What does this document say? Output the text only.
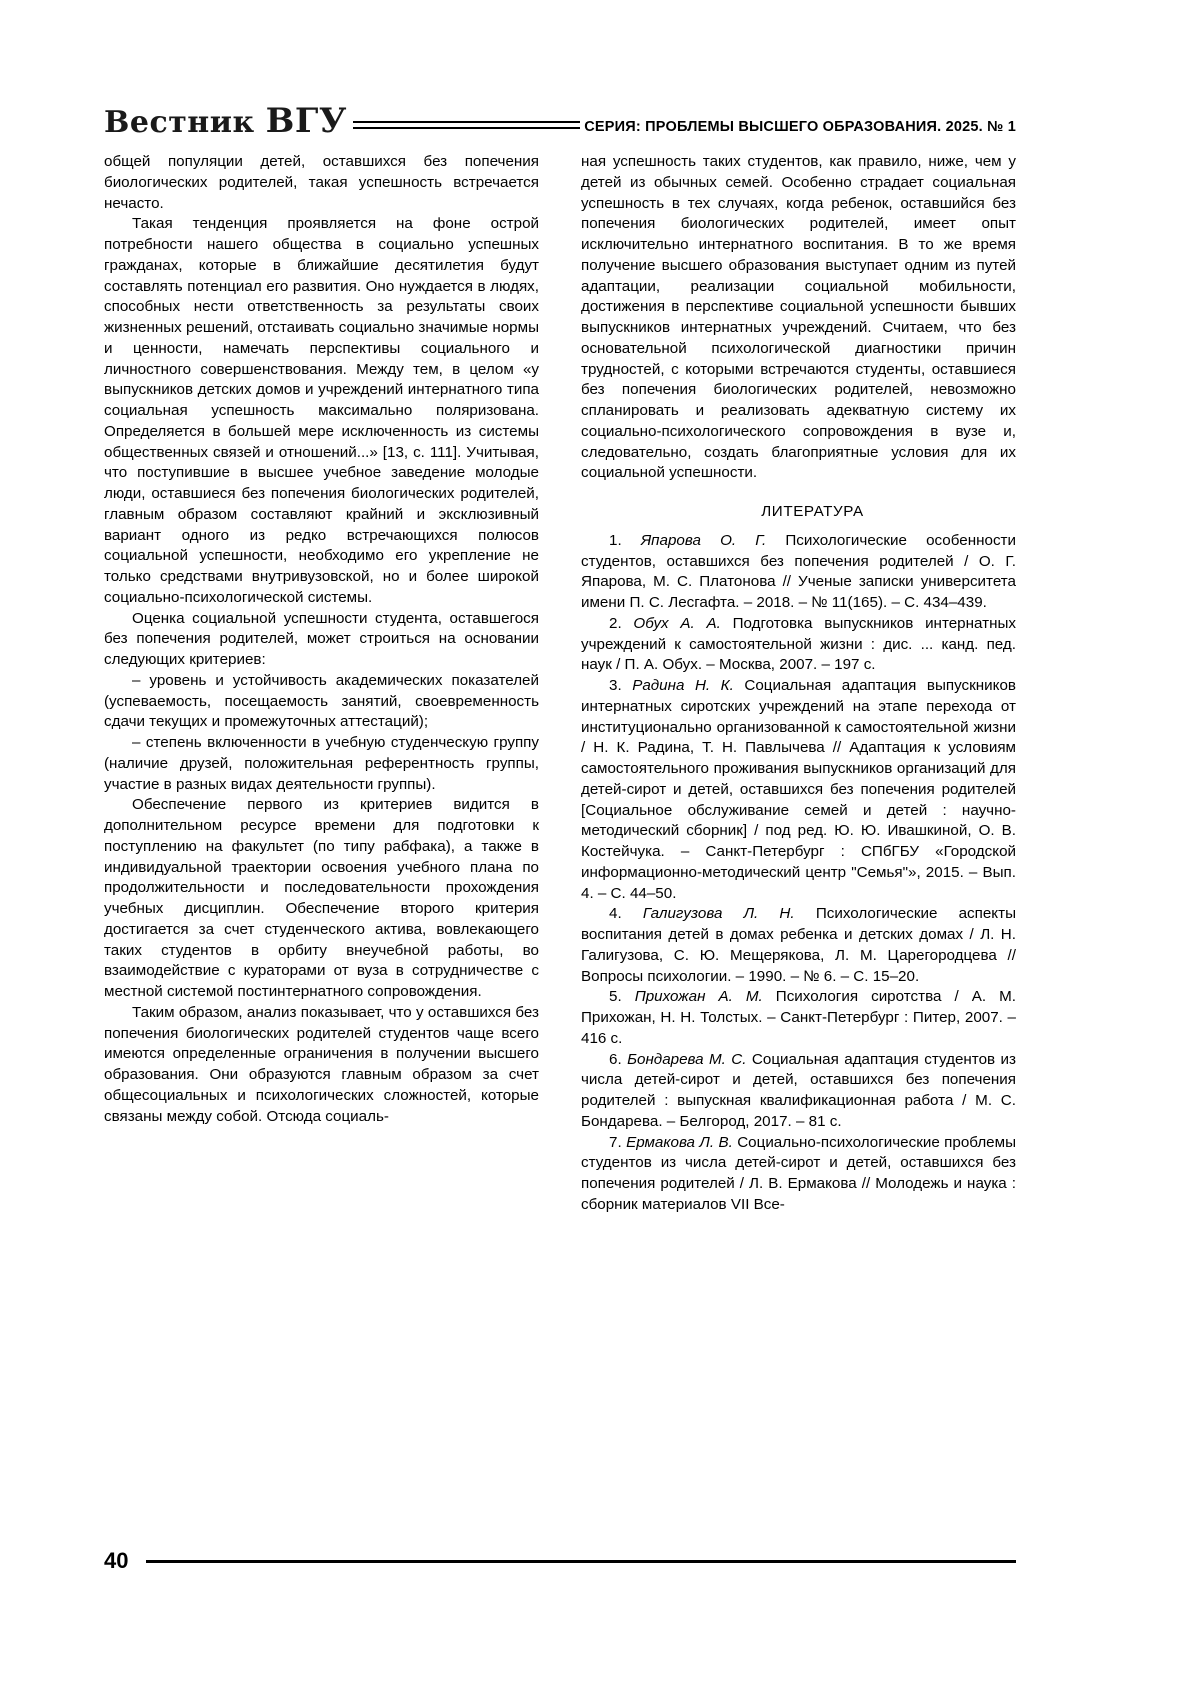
Вестник ВГУ	СЕРИЯ: ПРОБЛЕМЫ ВЫСШЕГО ОБРАЗОВАНИЯ. 2025. № 1

общей популяции детей, оставшихся без попечения биологических родителей, такая успешность встречается нечасто.

Такая тенденция проявляется на фоне острой потребности нашего общества в социально успешных гражданах, которые в ближайшие десятилетия будут составлять потенциал его развития. Оно нуждается в людях, способных нести ответственность за результаты своих жизненных решений, отстаивать социально значимые нормы и ценности, намечать перспективы социального и личностного совершенствования. Между тем, в целом «у выпускников детских домов и учреждений интернатного типа социальная успешность максимально поляризована. Определяется в большей мере исключенность из системы общественных связей и отношений...» [13, с. 111]. Учитывая, что поступившие в высшее учебное заведение молодые люди, оставшиеся без попечения биологических родителей, главным образом составляют крайний и эксклюзивный вариант одного из редко встречающихся полюсов социальной успешности, необходимо его укрепление не только средствами внутривузовской, но и более широкой социально-психологической системы.

Оценка социальной успешности студента, оставшегося без попечения родителей, может строиться на основании следующих критериев:

– уровень и устойчивость академических показателей (успеваемость, посещаемость занятий, своевременность сдачи текущих и промежуточных аттестаций);

– степень включенности в учебную студенческую группу (наличие друзей, положительная референтность группы, участие в разных видах деятельности группы).

Обеспечение первого из критериев видится в дополнительном ресурсе времени для подготовки к поступлению на факультет (по типу рабфака), а также в индивидуальной траектории освоения учебного плана по продолжительности и последовательности прохождения учебных дисциплин. Обеспечение второго критерия достигается за счет студенческого актива, вовлекающего таких студентов в орбиту внеучебной работы, во взаимодействие с кураторами от вуза в сотрудничестве с местной системой постинтернатного сопровождения.

Таким образом, анализ показывает, что у оставшихся без попечения биологических родителей студентов чаще всего имеются определенные ограничения в получении высшего образования. Они образуются главным образом за счет общесоциальных и психологических сложностей, которые связаны между собой. Отсюда социаль-

ная успешность таких студентов, как правило, ниже, чем у детей из обычных семей. Особенно страдает социальная успешность в тех случаях, когда ребенок, оставшийся без попечения биологических родителей, имеет опыт исключительно интернатного воспитания. В то же время получение высшего образования выступает одним из путей адаптации, реализации социальной мобильности, достижения в перспективе социальной успешности бывших выпускников интернатных учреждений. Считаем, что без основательной психологической диагностики причин трудностей, с которыми встречаются студенты, оставшиеся без попечения биологических родителей, невозможно спланировать и реализовать адекватную систему их социально-психологического сопровождения в вузе и, следовательно, создать благоприятные условия для их социальной успешности.

ЛИТЕРАТУРА

1. Япарова О. Г. Психологические особенности студентов, оставшихся без попечения родителей / О. Г. Япарова, М. С. Платонова // Ученые записки университета имени П. С. Лесгафта. – 2018. – № 11(165). – С. 434–439.

2. Обух А. А. Подготовка выпускников интернатных учреждений к самостоятельной жизни : дис. ... канд. пед. наук / П. А. Обух. – Москва, 2007. – 197 с.

3. Радина Н. К. Социальная адаптация выпускников интернатных сиротских учреждений на этапе перехода от институционально организованной к самостоятельной жизни / Н. К. Радина, Т. Н. Павлычева // Адаптация к условиям самостоятельного проживания выпускников организаций для детей-сирот и детей, оставшихся без попечения родителей [Социальное обслуживание семей и детей : научно-методический сборник] / под ред. Ю. Ю. Ивашкиной, О. В. Костейчука. – Санкт-Петербург : СПбГБУ «Городской информационно-методический центр "Семья"», 2015. – Вып. 4. – С. 44–50.

4. Галигузова Л. Н. Психологические аспекты воспитания детей в домах ребенка и детских домах / Л. Н. Галигузова, С. Ю. Мещерякова, Л. М. Царегородцева // Вопросы психологии. – 1990. – № 6. – С. 15–20.

5. Прихожан А. М. Психология сиротства / А. М. Прихожан, Н. Н. Толстых. – Санкт-Петербург : Питер, 2007. – 416 с.

6. Бондарева М. С. Социальная адаптация студентов из числа детей-сирот и детей, оставшихся без попечения родителей : выпускная квалификационная работа / М. С. Бондарева. – Белгород, 2017. – 81 с.

7. Ермакова Л. В. Социально-психологические проблемы студентов из числа детей-сирот и детей, оставшихся без попечения родителей / Л. В. Ермакова // Молодежь и наука : сборник материалов VII Все-

40
